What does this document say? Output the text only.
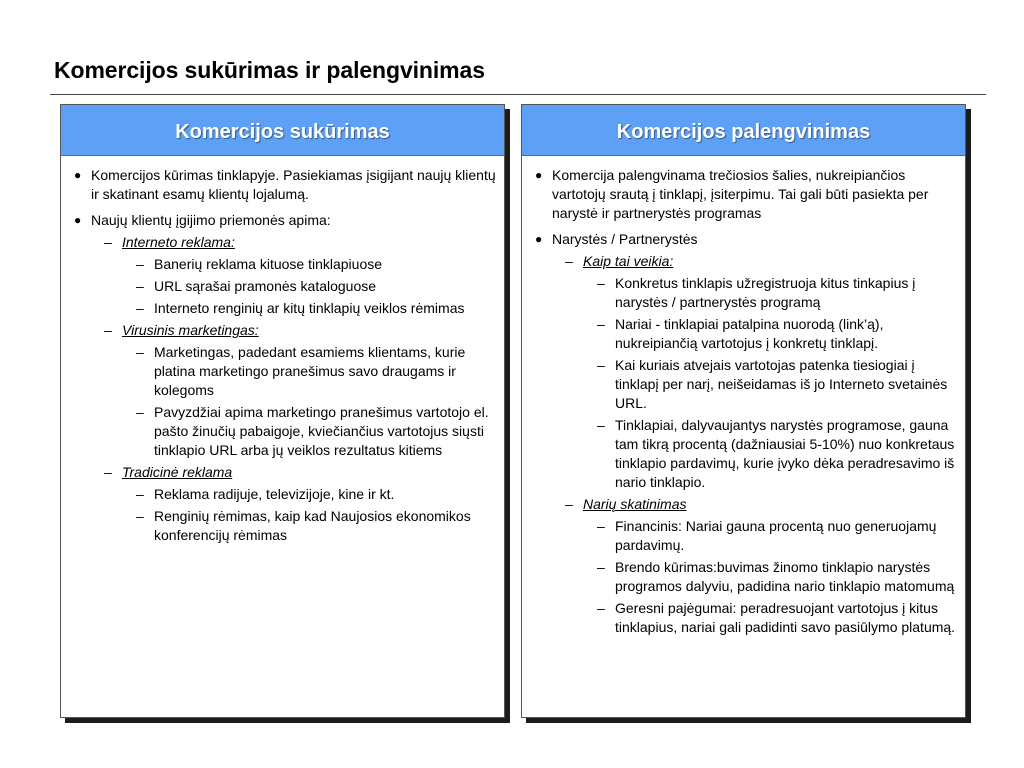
Komercijos sukūrimas ir palengvinimas
Komercijos sukūrimas
● Komercijos kūrimas tinklapyje. Pasiekiamas įsigijant naujų klientų ir skatinant esamų klientų lojalumą.
● Naujų klientų įgijimo priemonės apima:
– Interneto reklama:
– Banerių reklama kituose tinklapiuose
– URL sąrašai pramonės kataloguose
– Interneto renginių ar kitų tinklapių veiklos rėmimas
– Virusinis marketingas:
– Marketingas, padedant esamiems klientams, kurie platina marketingo pranešimus savo draugams ir kolegoms
– Pavyzdžiai apima marketingo pranešimus vartotojo el. pašto žinučių pabaigoje, kviečiančius vartotojus siųsti tinklapio URL arba jų veiklos rezultatus kitiems
– Tradicinė reklama
– Reklama radijuje, televizijoje, kine ir kt.
– Renginių rėmimas, kaip kad Naujosios ekonomikos konferencijų rėmimas
Komercijos palengvinimas
● Komercija palengvinama trečiosios šalies, nukreipiančios vartotojų srautą į tinklapį, įsiterpimu. Tai gali būti pasiekta per narystė ir partnerystės programas
● Narystės / Partnerystės
– Kaip tai veikia:
– Konkretus tinklapis užregistruoja kitus tinkapius į narystės / partnerystės programą
– Nariai - tinklapiai patalpina nuorodą (link’ą), nukreipiančią vartotojus į konkretų tinklapį.
– Kai kuriais atvejais vartotojas patenka tiesiogiai į tinklapį per narį, neišeidamas iš jo Interneto svetainės URL.
– Tinklapiai, dalyvaujantys narystės programose, gauna tam tikrą procentą (dažniausiai 5-10%) nuo konkretaus tinklapio pardavimų, kurie įvyko dėka peradresavimo iš nario tinklapio.
– Narių skatinimas
– Financinis: Nariai gauna procentą nuo generuojamų pardavimų.
– Brendo kūrimas:buvimas žinomo tinklapio narystės programos dalyviu, padidina nario tinklapio matomumą
– Geresni pajėgumai: peradresuojant vartotojus į kitus tinklapius, nariai gali padidinti savo pasiūlymo platumą.
